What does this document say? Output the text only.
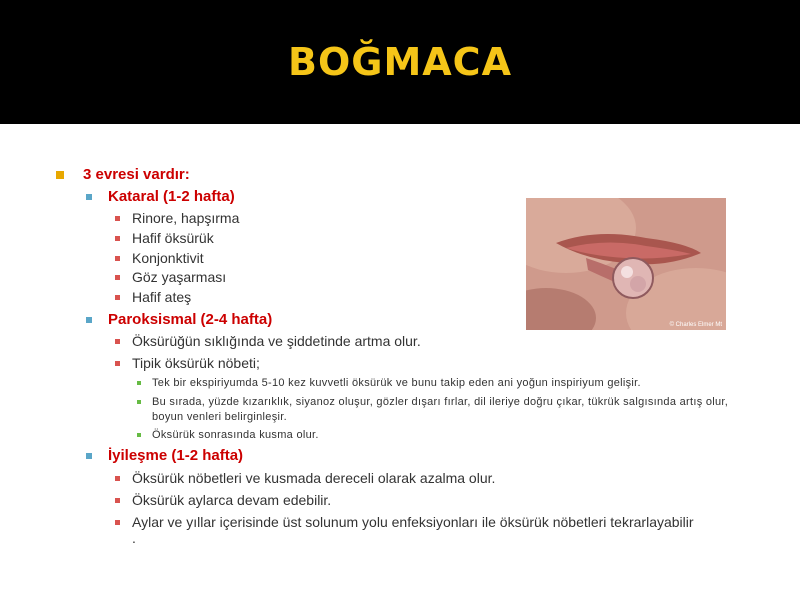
BOĞMACA
© Charles Elmer Mt
3 evresi vardır:
Kataral (1-2 hafta)
Rinore, hapşırma
Hafif öksürük
Konjonktivit
Göz yaşarması
Hafif ateş
Paroksismal (2-4 hafta)
Öksürüğün sıklığında ve şiddetinde artma olur.
Tipik öksürük nöbeti;
Tek bir ekspiriyumda 5-10 kez kuvvetli öksürük ve bunu takip eden ani yoğun inspiriyum gelişir.
Bu sırada, yüzde kızarıklık, siyanoz oluşur, gözler dışarı fırlar, dil ileriye doğru çıkar, tükrük salgısında artış olur, boyun venleri belirginleşir.
Öksürük sonrasında kusma olur.
İyileşme (1-2 hafta)
Öksürük nöbetleri ve kusmada dereceli olarak azalma olur.
Öksürük aylarca devam edebilir.
Aylar ve yıllar içerisinde üst solunum yolu enfeksiyonları ile öksürük nöbetleri tekrarlayabilir .
